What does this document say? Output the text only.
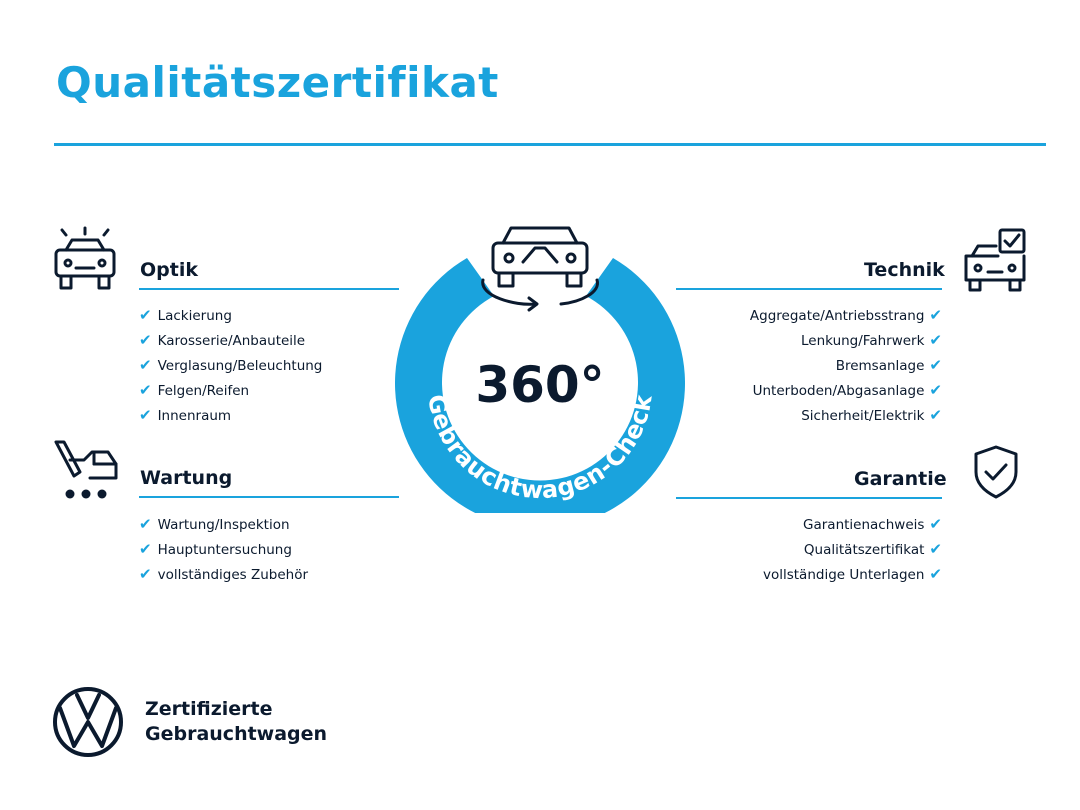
Qualitätszertifikat
Optik
✔ Lackierung
✔ Karosserie/Anbauteile
✔ Verglasung/Beleuchtung
✔ Felgen/Reifen
✔ Innenraum
Wartung
✔ Wartung/Inspektion
✔ Hauptuntersuchung
✔ vollständiges Zubehör
Gebrauchtwagen-Check
360°
Technik
Aggregate/Antriebsstrang ✔
Lenkung/Fahrwerk ✔
Bremsanlage ✔
Unterboden/Abgasanlage ✔
Sicherheit/Elektrik ✔
Garantie
Garantienachweis ✔
Qualitätszertifikat ✔
vollständige Unterlagen ✔
Zertifizierte
Gebrauchtwagen
